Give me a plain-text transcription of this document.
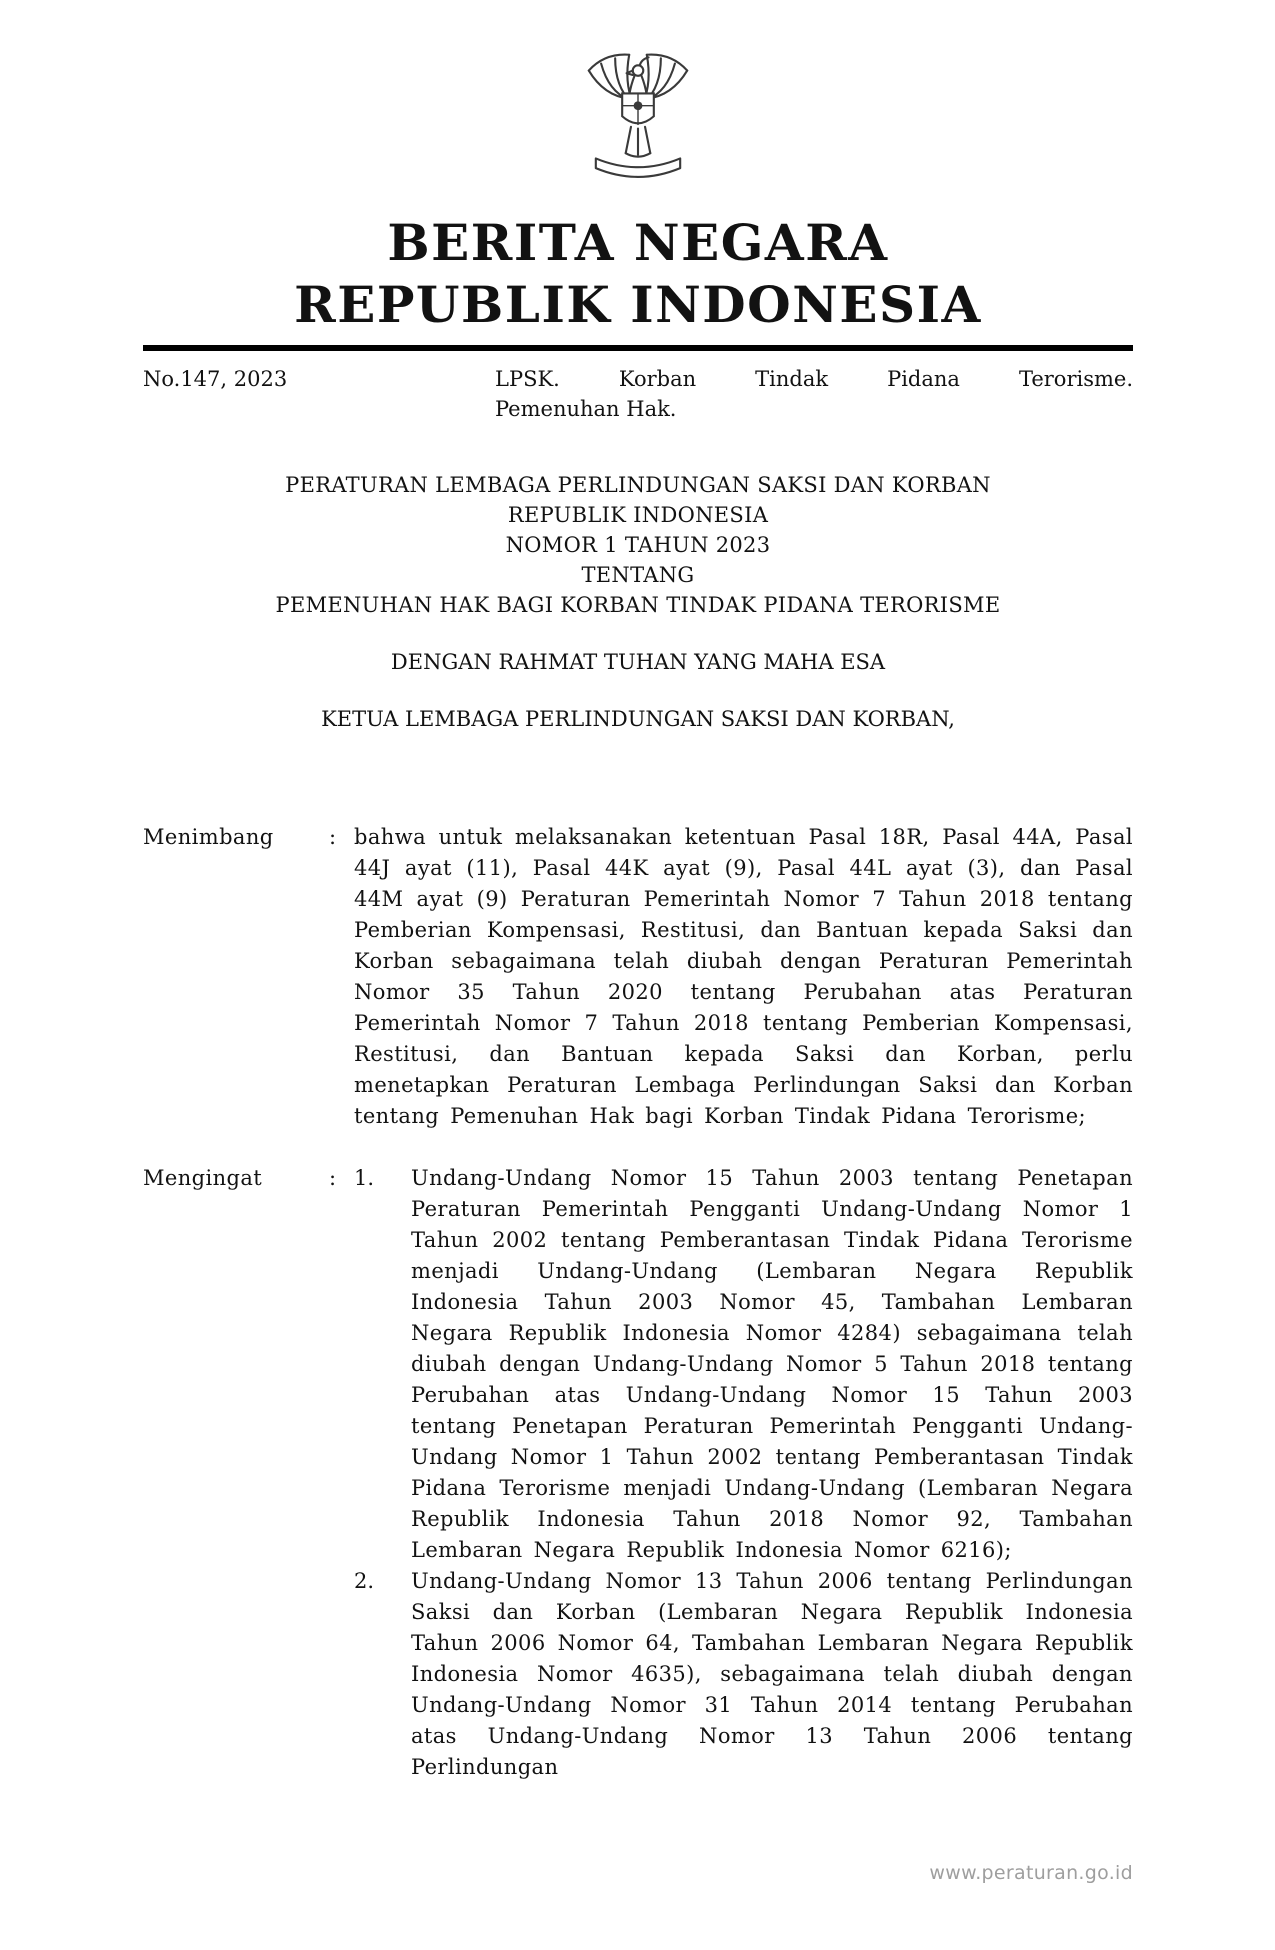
BERITA NEGARA
REPUBLIK INDONESIA
No.147, 2023	LPSK. Korban Tindak Pidana Terorisme.
Pemenuhan Hak.
PERATURAN LEMBAGA PERLINDUNGAN SAKSI DAN KORBAN
REPUBLIK INDONESIA
NOMOR 1 TAHUN 2023
TENTANG
PEMENUHAN HAK BAGI KORBAN TINDAK PIDANA TERORISME
DENGAN RAHMAT TUHAN YANG MAHA ESA
KETUA LEMBAGA PERLINDUNGAN SAKSI DAN KORBAN,
Menimbang	: bahwa untuk melaksanakan ketentuan Pasal 18R, Pasal 44A, Pasal 44J ayat (11), Pasal 44K ayat (9), Pasal 44L ayat (3), dan Pasal 44M ayat (9) Peraturan Pemerintah Nomor 7 Tahun 2018 tentang Pemberian Kompensasi, Restitusi, dan Bantuan kepada Saksi dan Korban sebagaimana telah diubah dengan Peraturan Pemerintah Nomor 35 Tahun 2020 tentang Perubahan atas Peraturan Pemerintah Nomor 7 Tahun 2018 tentang Pemberian Kompensasi, Restitusi, dan Bantuan kepada Saksi dan Korban, perlu menetapkan Peraturan Lembaga Perlindungan Saksi dan Korban tentang Pemenuhan Hak bagi Korban Tindak Pidana Terorisme;
Mengingat	: 1.	Undang-Undang Nomor 15 Tahun 2003 tentang Penetapan Peraturan Pemerintah Pengganti Undang-Undang Nomor 1 Tahun 2002 tentang Pemberantasan Tindak Pidana Terorisme menjadi Undang-Undang (Lembaran Negara Republik Indonesia Tahun 2003 Nomor 45, Tambahan Lembaran Negara Republik Indonesia Nomor 4284) sebagaimana telah diubah dengan Undang-Undang Nomor 5 Tahun 2018 tentang Perubahan atas Undang-Undang Nomor 15 Tahun 2003 tentang Penetapan Peraturan Pemerintah Pengganti Undang-Undang Nomor 1 Tahun 2002 tentang Pemberantasan Tindak Pidana Terorisme menjadi Undang-Undang (Lembaran Negara Republik Indonesia Tahun 2018 Nomor 92, Tambahan Lembaran Negara Republik Indonesia Nomor 6216);
2.	Undang-Undang Nomor 13 Tahun 2006 tentang Perlindungan Saksi dan Korban (Lembaran Negara Republik Indonesia Tahun 2006 Nomor 64, Tambahan Lembaran Negara Republik Indonesia Nomor 4635), sebagaimana telah diubah dengan Undang-Undang Nomor 31 Tahun 2014 tentang Perubahan atas Undang-Undang Nomor 13 Tahun 2006 tentang Perlindungan
www.peraturan.go.id
